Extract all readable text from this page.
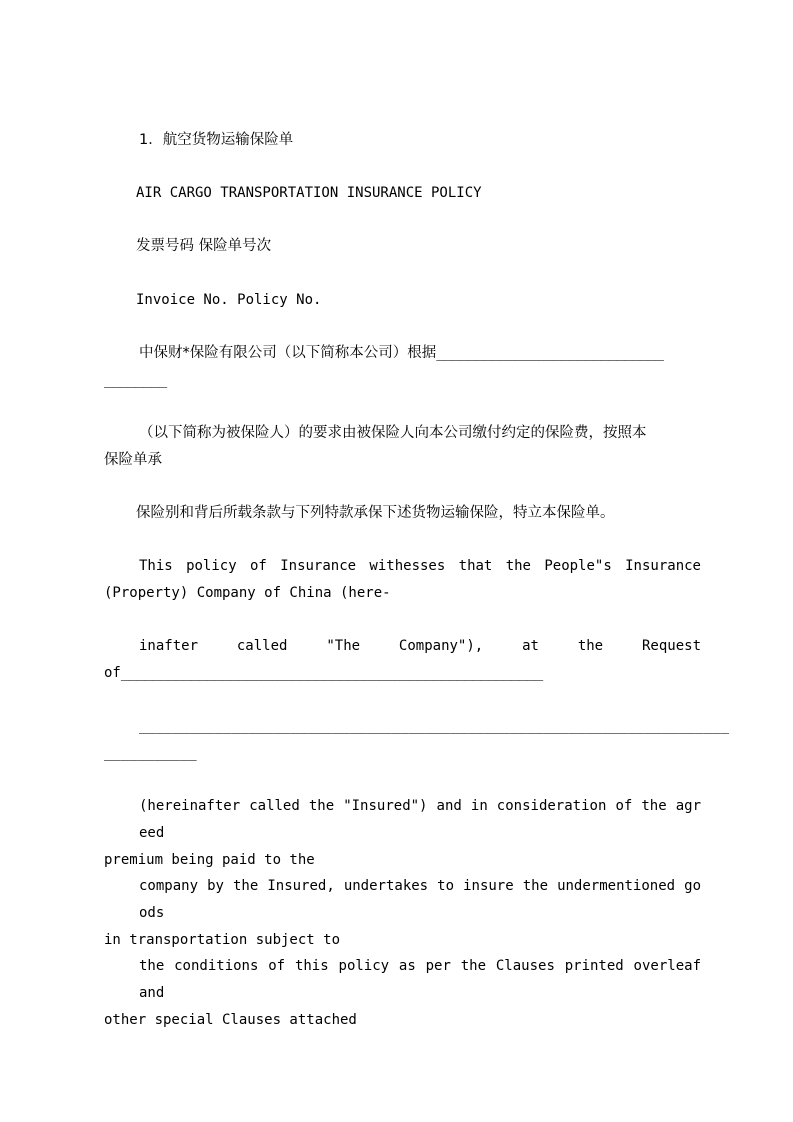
1．航空货物运输保险单

AIR CARGO TRANSPORTATION INSURANCE POLICY

发票号码 保险单号次

Invoice No. Policy No.

中保财*保险有限公司（以下简称本公司）根据_____________________________
________
（以下简称为被保险人）的要求由被保险人向本公司缴付约定的保险费，按照本
保险单承

保险别和背后所载条款与下列特款承保下述货物运输保险，特立本保险单。

This policy of Insurance withesses that the People"s Insurance
(Property) Company of China (here-
inafter called "The Company"), at the Request
of______________________________________________________
______________________________________________________________________
___________
(hereinafter called the "Insured") and in consideration of the agreed
premium being paid to the
company by the Insured, undertakes to insure the undermentioned goods
in transportation subject to
the conditions of this policy as per the Clauses printed overleaf and
other special Clauses attached
